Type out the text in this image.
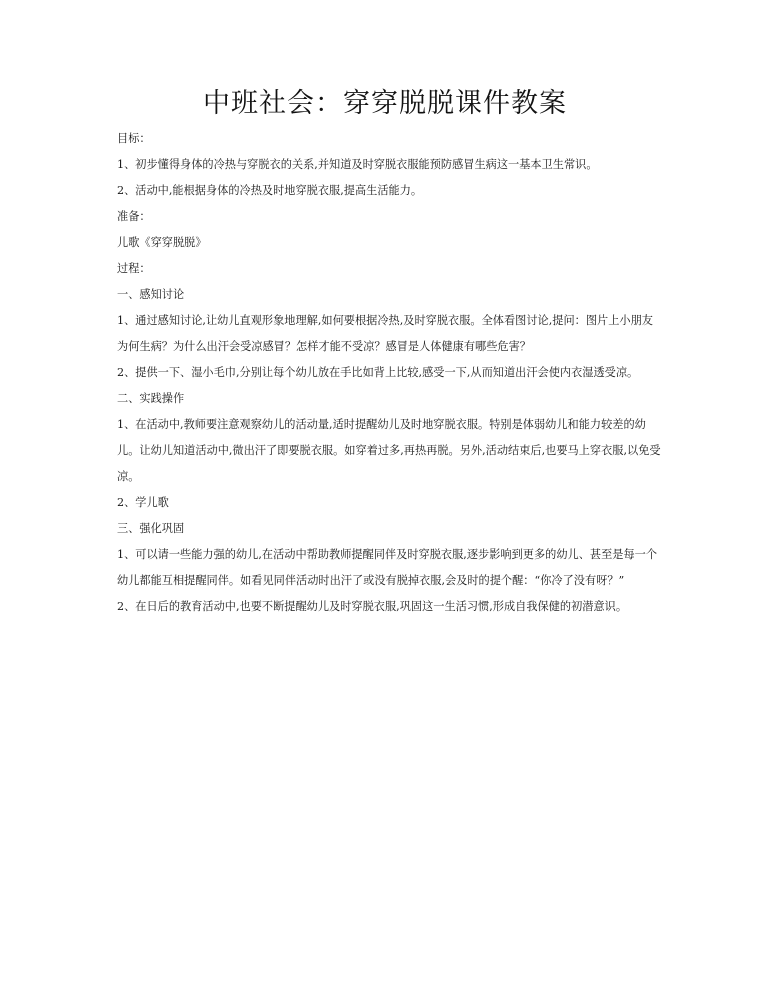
中班社会：穿穿脱脱课件教案

目标：

1、初步懂得身体的冷热与穿脱衣的关系,并知道及时穿脱衣服能预防感冒生病这一基本卫生常识。

2、活动中,能根据身体的冷热及时地穿脱衣服,提高生活能力。

准备：

儿歌《穿穿脱脱》

过程：

一、感知讨论

1、通过感知讨论,让幼儿直观形象地理解,如何要根据冷热,及时穿脱衣服。全体看图讨论,提问：图片上小朋友为何生病？为什么出汗会受凉感冒？怎样才能不受凉？感冒是人体健康有哪些危害？

2、提供一下、湿小毛巾,分别让每个幼儿放在手比如背上比较,感受一下,从而知道出汗会使内衣湿透受凉。

二、实践操作

1、在活动中,教师要注意观察幼儿的活动量,适时提醒幼儿及时地穿脱衣服。特别是体弱幼儿和能力较差的幼儿。让幼儿知道活动中,微出汗了即要脱衣服。如穿着过多,再热再脱。另外,活动结束后,也要马上穿衣服,以免受凉。

2、学儿歌

三、强化巩固

1、可以请一些能力强的幼儿,在活动中帮助教师提醒同伴及时穿脱衣服,逐步影响到更多的幼儿、甚至是每一个幼儿都能互相提醒同伴。如看见同伴活动时出汗了或没有脱掉衣服,会及时的提个醒：“你冷了没有呀？”

2、在日后的教育活动中,也要不断提醒幼儿及时穿脱衣服,巩固这一生活习惯,形成自我保健的初潜意识。
